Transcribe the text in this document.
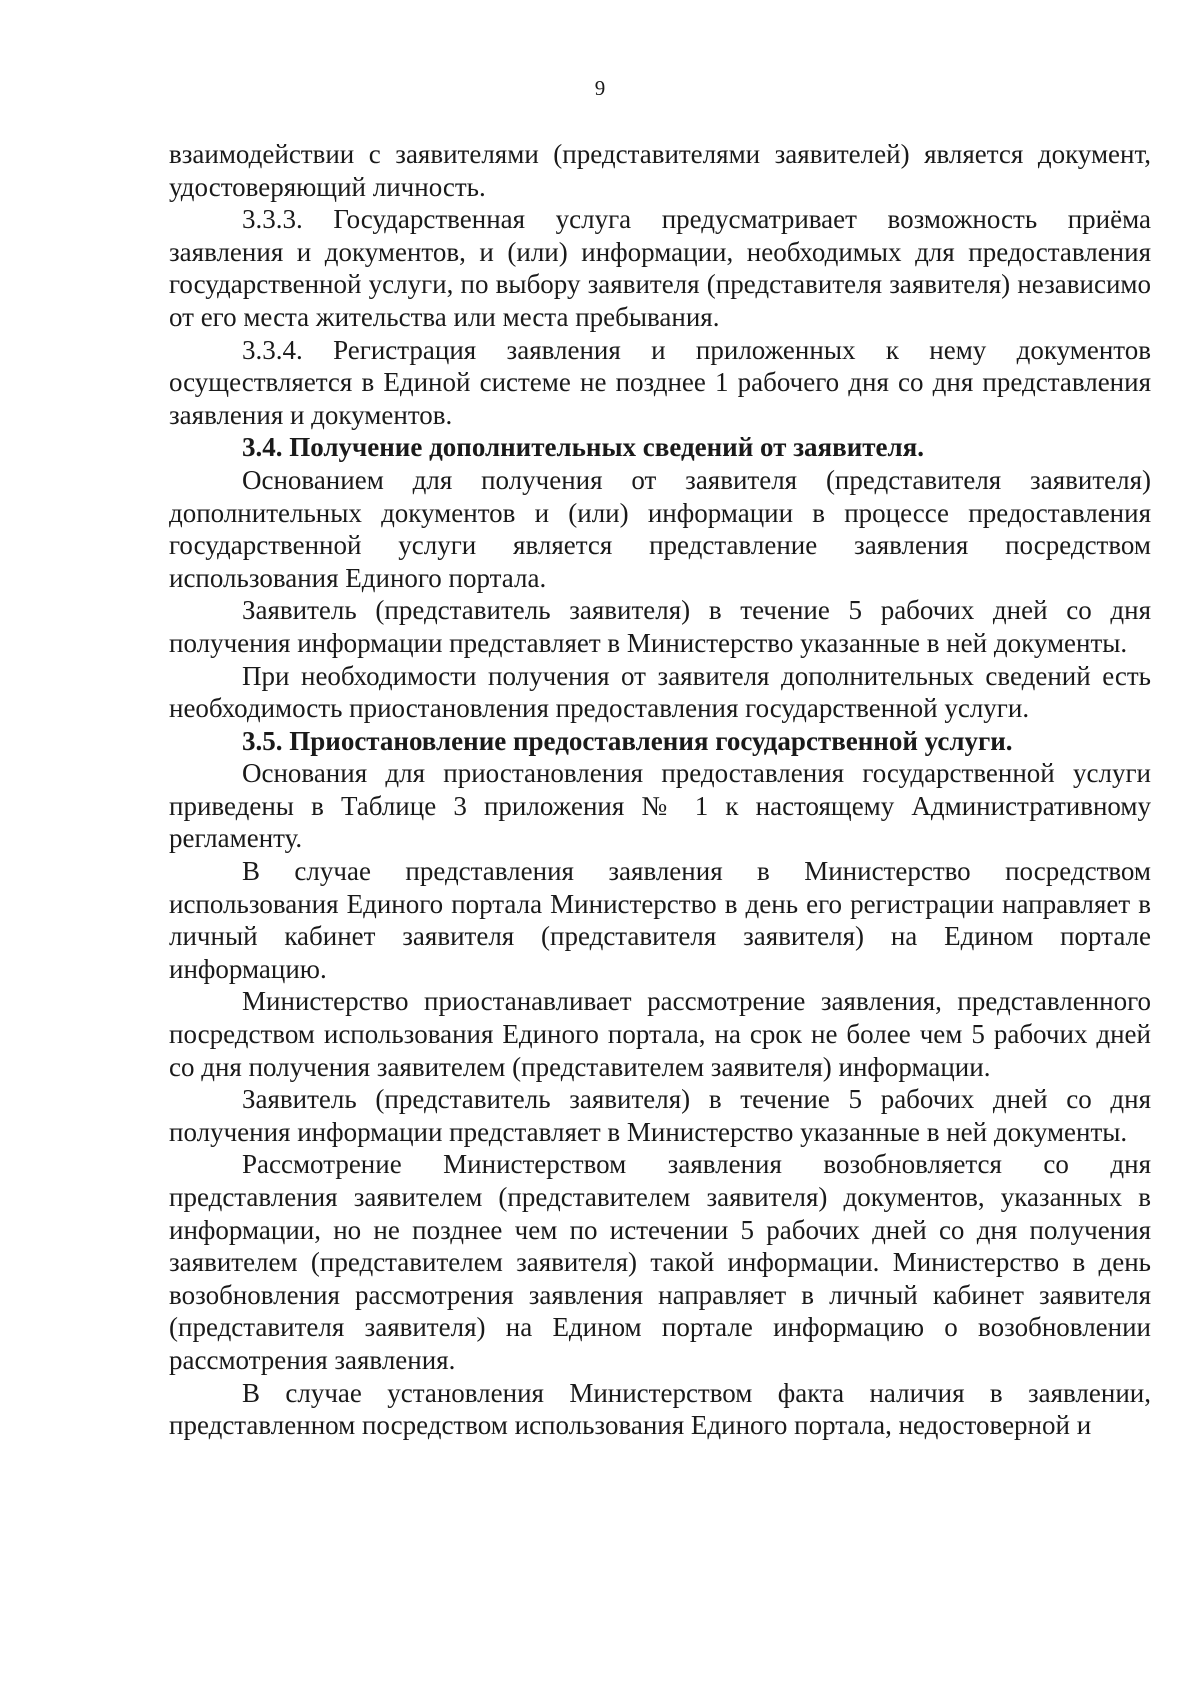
9

взаимодействии с заявителями (представителями заявителей) является документ, удостоверяющий личность.

3.3.3. Государственная услуга предусматривает возможность приёма заявления и документов, и (или) информации, необходимых для предоставления государственной услуги, по выбору заявителя (представителя заявителя) независимо от его места жительства или места пребывания.

3.3.4. Регистрация заявления и приложенных к нему документов осуществляется в Единой системе не позднее 1 рабочего дня со дня представления заявления и документов.

3.4. Получение дополнительных сведений от заявителя.

Основанием для получения от заявителя (представителя заявителя) дополнительных документов и (или) информации в процессе предоставления государственной услуги является представление заявления посредством использования Единого портала.

Заявитель (представитель заявителя) в течение 5 рабочих дней со дня получения информации представляет в Министерство указанные в ней документы.

При необходимости получения от заявителя дополнительных сведений есть необходимость приостановления предоставления государственной услуги.

3.5. Приостановление предоставления государственной услуги.

Основания для приостановления предоставления государственной услуги приведены в Таблице 3 приложения № 1 к настоящему Административному регламенту.

В случае представления заявления в Министерство посредством использования Единого портала Министерство в день его регистрации направляет в личный кабинет заявителя (представителя заявителя) на Едином портале информацию.

Министерство приостанавливает рассмотрение заявления, представленного посредством использования Единого портала, на срок не более чем 5 рабочих дней со дня получения заявителем (представителем заявителя) информации.

Заявитель (представитель заявителя) в течение 5 рабочих дней со дня получения информации представляет в Министерство указанные в ней документы.

Рассмотрение Министерством заявления возобновляется со дня представления заявителем (представителем заявителя) документов, указанных в информации, но не позднее чем по истечении 5 рабочих дней со дня получения заявителем (представителем заявителя) такой информации. Министерство в день возобновления рассмотрения заявления направляет в личный кабинет заявителя (представителя заявителя) на Едином портале информацию о возобновлении рассмотрения заявления.

В случае установления Министерством факта наличия в заявлении, представленном посредством использования Единого портала, недостоверной и
